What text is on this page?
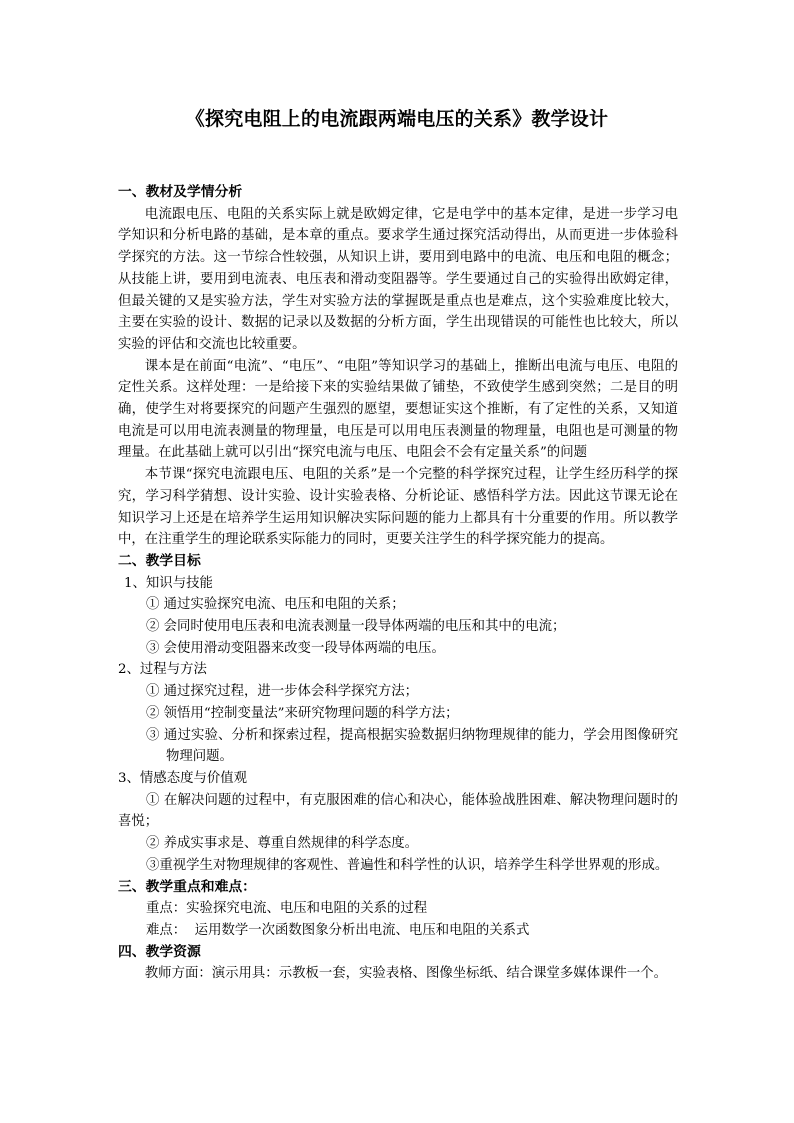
《探究电阻上的电流跟两端电压的关系》教学设计

一、教材及学情分析

电流跟电压、电阻的关系实际上就是欧姆定律，它是电学中的基本定律，是进一步学习电学知识和分析电路的基础，是本章的重点。要求学生通过探究活动得出，从而更进一步体验科学探究的方法。这一节综合性较强，从知识上讲，要用到电路中的电流、电压和电阻的概念；从技能上讲，要用到电流表、电压表和滑动变阻器等。学生要通过自己的实验得出欧姆定律，但最关键的又是实验方法，学生对实验方法的掌握既是重点也是难点，这个实验难度比较大，主要在实验的设计、数据的记录以及数据的分析方面，学生出现错误的可能性也比较大，所以实验的评估和交流也比较重要。

课本是在前面“电流”、“电压”、“电阻”等知识学习的基础上，推断出电流与电压、电阻的定性关系。这样处理：一是给接下来的实验结果做了铺垫，不致使学生感到突然；二是目的明确，使学生对将要探究的问题产生强烈的愿望，要想证实这个推断，有了定性的关系，又知道电流是可以用电流表测量的物理量，电压是可以用电压表测量的物理量，电阻也是可测量的物理量。在此基础上就可以引出“探究电流与电压、电阻会不会有定量关系”的问题

本节课“探究电流跟电压、电阻的关系”是一个完整的科学探究过程，让学生经历科学的探究，学习科学猜想、设计实验、设计实验表格、分析论证、感悟科学方法。因此这节课无论在知识学习上还是在培养学生运用知识解决实际问题的能力上都具有十分重要的作用。所以教学中，在注重学生的理论联系实际能力的同时，更要关注学生的科学探究能力的提高。

二、教学目标

1、知识与技能

① 通过实验探究电流、电压和电阻的关系；

② 会同时使用电压表和电流表测量一段导体两端的电压和其中的电流；

③ 会使用滑动变阻器来改变一段导体两端的电压。

2、过程与方法

① 通过探究过程，进一步体会科学探究方法；

② 领悟用“控制变量法”来研究物理问题的科学方法；

③ 通过实验、分析和探索过程，提高根据实验数据归纳物理规律的能力，学会用图像研究物理问题。

3、情感态度与价值观

① 在解决问题的过程中，有克服困难的信心和决心，能体验战胜困难、解决物理问题时的喜悦；

② 养成实事求是、尊重自然规律的科学态度。

③重视学生对物理规律的客观性、普遍性和科学性的认识，培养学生科学世界观的形成。

三、教学重点和难点：

重点：实验探究电流、电压和电阻的关系的过程

难点：  运用数学一次函数图象分析出电流、电压和电阻的关系式

四、教学资源

教师方面：演示用具：示教板一套，实验表格、图像坐标纸、结合课堂多媒体课件一个。
